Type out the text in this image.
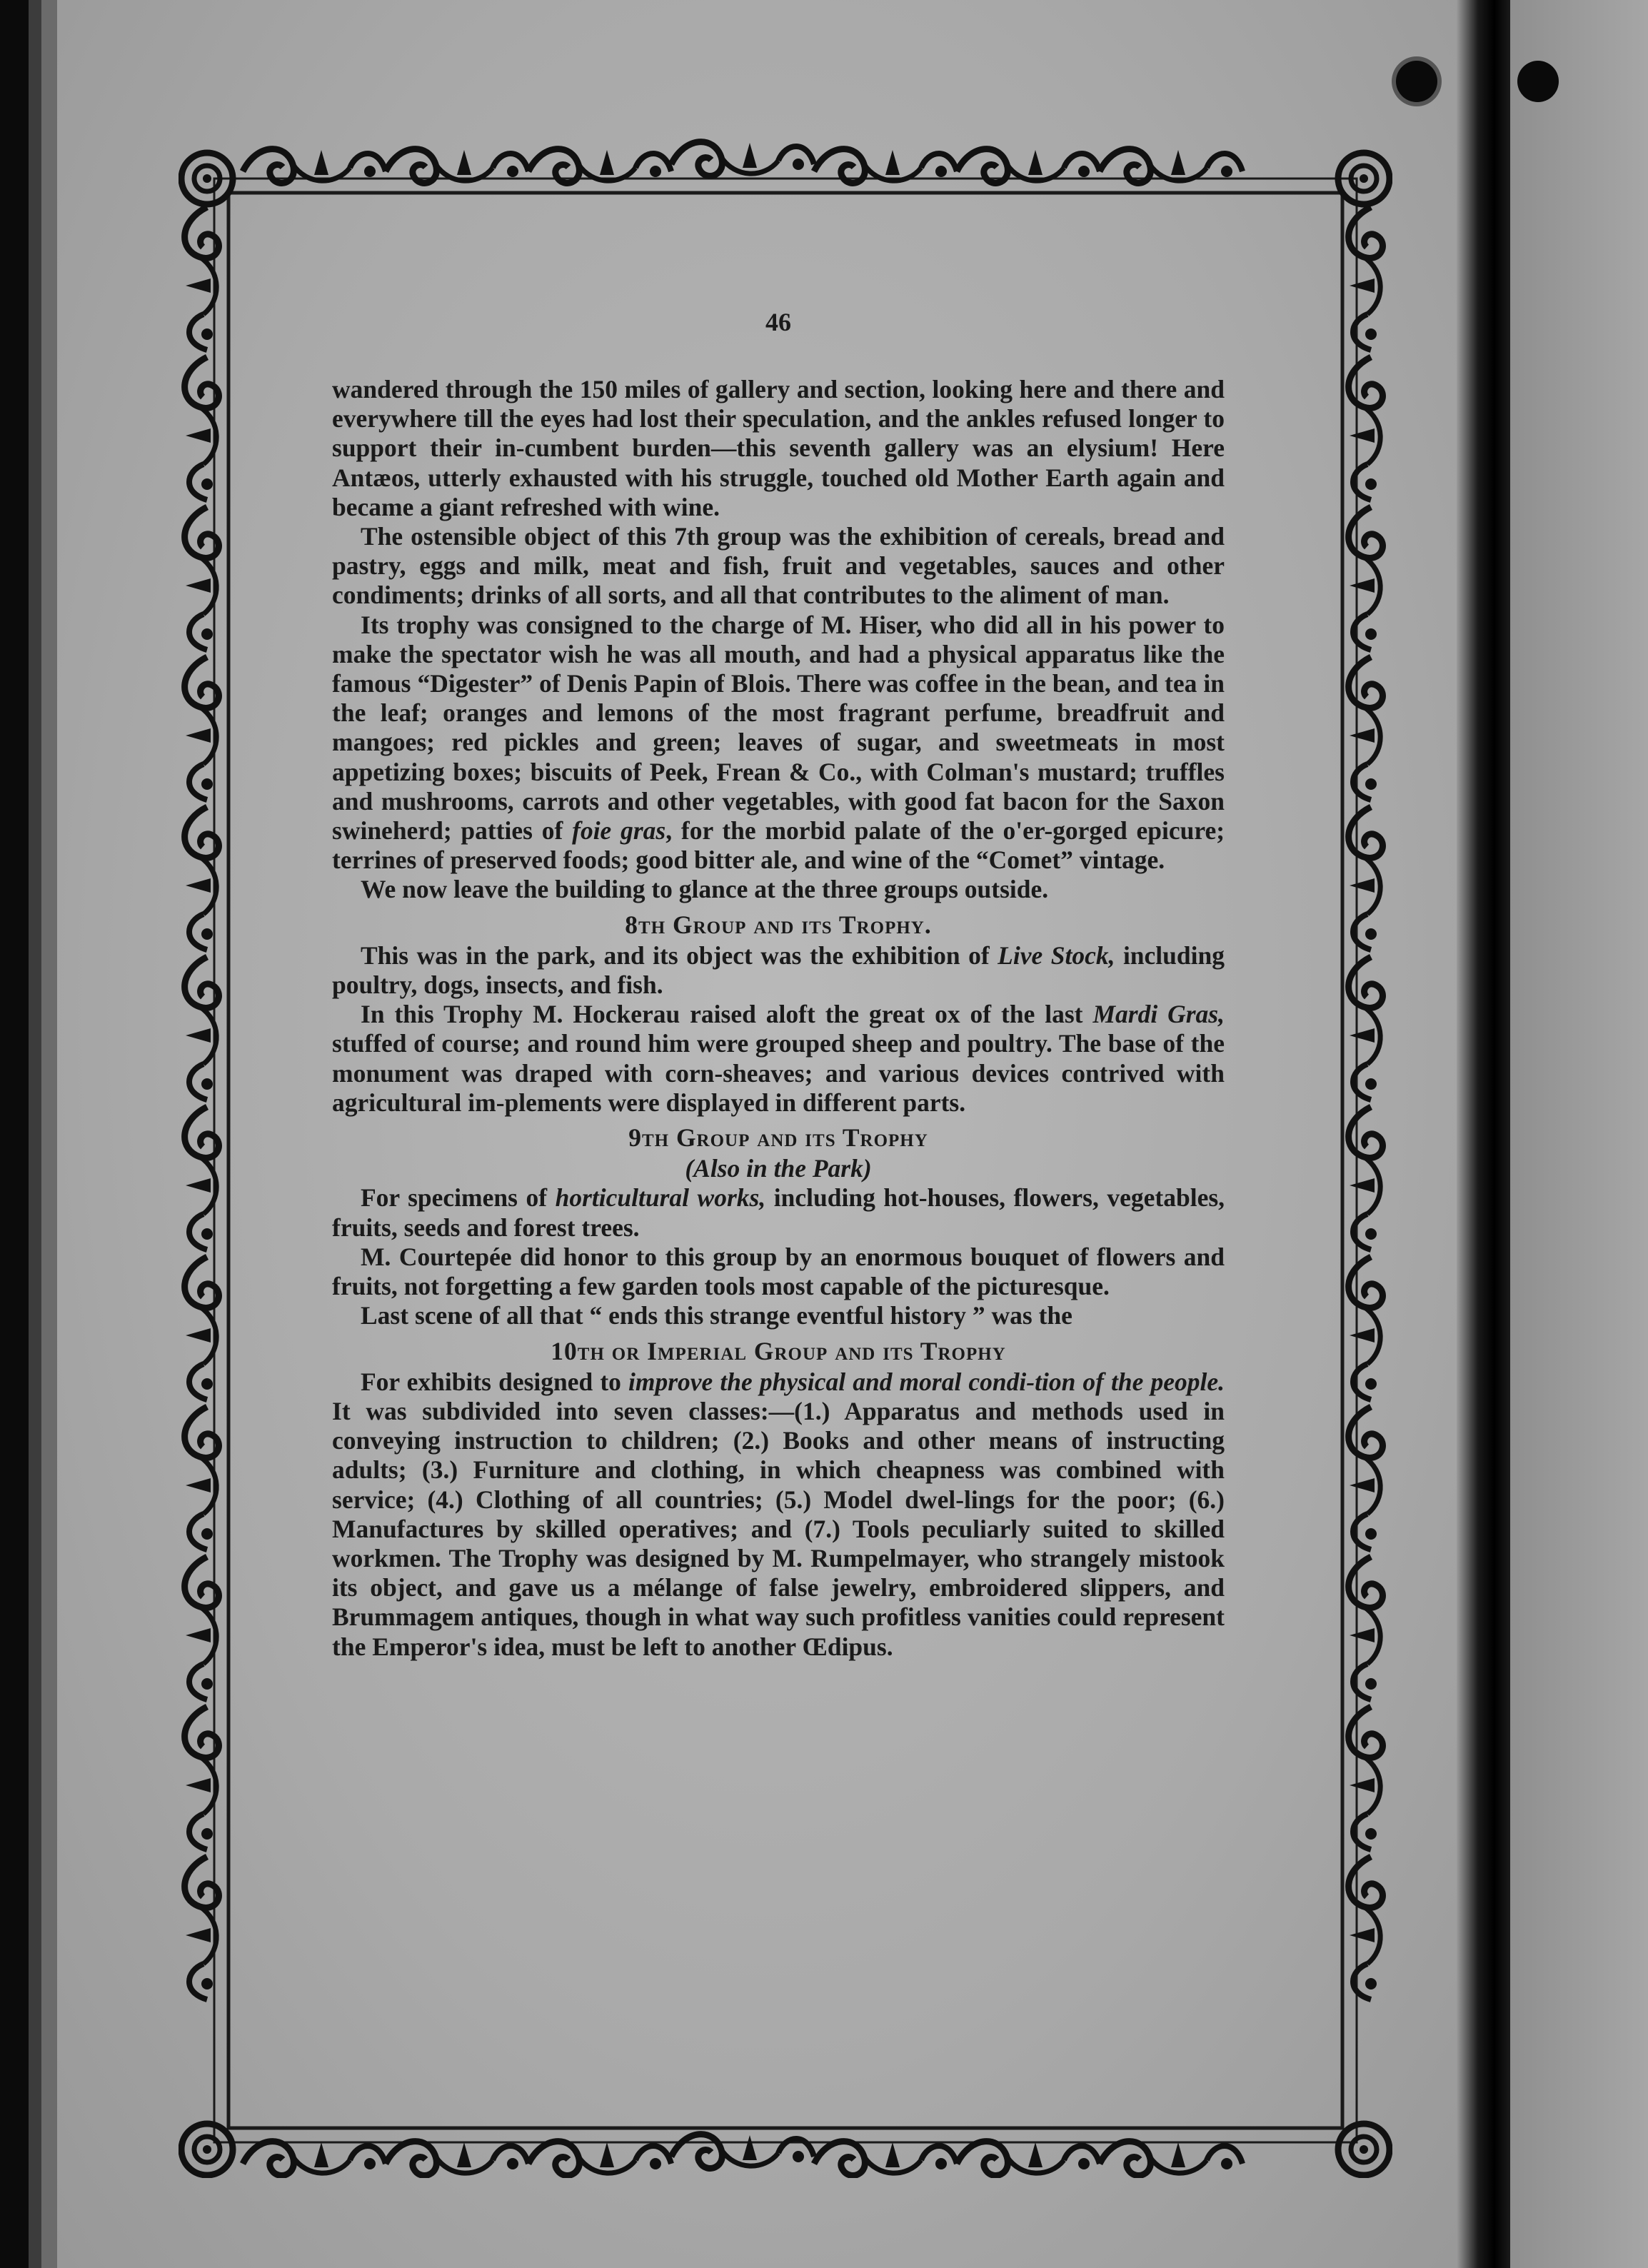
46

wandered through the 150 miles of gallery and section, looking here and there and everywhere till the eyes had lost their speculation, and the ankles refused longer to support their in-cumbent burden—this seventh gallery was an elysium! Here Antæos, utterly exhausted with his struggle, touched old Mother Earth again and became a giant refreshed with wine.

The ostensible object of this 7th group was the exhibition of cereals, bread and pastry, eggs and milk, meat and fish, fruit and vegetables, sauces and other condiments; drinks of all sorts, and all that contributes to the aliment of man.

Its trophy was consigned to the charge of M. Hiser, who did all in his power to make the spectator wish he was all mouth, and had a physical apparatus like the famous “Digester” of Denis Papin of Blois. There was coffee in the bean, and tea in the leaf; oranges and lemons of the most fragrant perfume, breadfruit and mangoes; red pickles and green; leaves of sugar, and sweetmeats in most appetizing boxes; biscuits of Peek, Frean & Co., with Colman's mustard; truffles and mushrooms, carrots and other vegetables, with good fat bacon for the Saxon swineherd; patties of foie gras, for the morbid palate of the o'er-gorged epicure; terrines of preserved foods; good bitter ale, and wine of the “Comet” vintage.

We now leave the building to glance at the three groups outside.

8th Group and its Trophy.

This was in the park, and its object was the exhibition of Live Stock, including poultry, dogs, insects, and fish.

In this Trophy M. Hockerau raised aloft the great ox of the last Mardi Gras, stuffed of course; and round him were grouped sheep and poultry. The base of the monument was draped with corn-sheaves; and various devices contrived with agricultural im-plements were displayed in different parts.

9th Group and its Trophy

(Also in the Park)

For specimens of horticultural works, including hot-houses, flowers, vegetables, fruits, seeds and forest trees.

M. Courtepée did honor to this group by an enormous bouquet of flowers and fruits, not forgetting a few garden tools most capable of the picturesque.

Last scene of all that “ ends this strange eventful history ” was the

10th or Imperial Group and its Trophy

For exhibits designed to improve the physical and moral condi-tion of the people. It was subdivided into seven classes:—(1.) Apparatus and methods used in conveying instruction to children; (2.) Books and other means of instructing adults; (3.) Furniture and clothing, in which cheapness was combined with service; (4.) Clothing of all countries; (5.) Model dwel-lings for the poor; (6.) Manufactures by skilled operatives; and (7.) Tools peculiarly suited to skilled workmen. The Trophy was designed by M. Rumpelmayer, who strangely mistook its object, and gave us a mélange of false jewelry, embroidered slippers, and Brummagem antiques, though in what way such profitless vanities could represent the Emperor's idea, must be left to another Œdipus.
